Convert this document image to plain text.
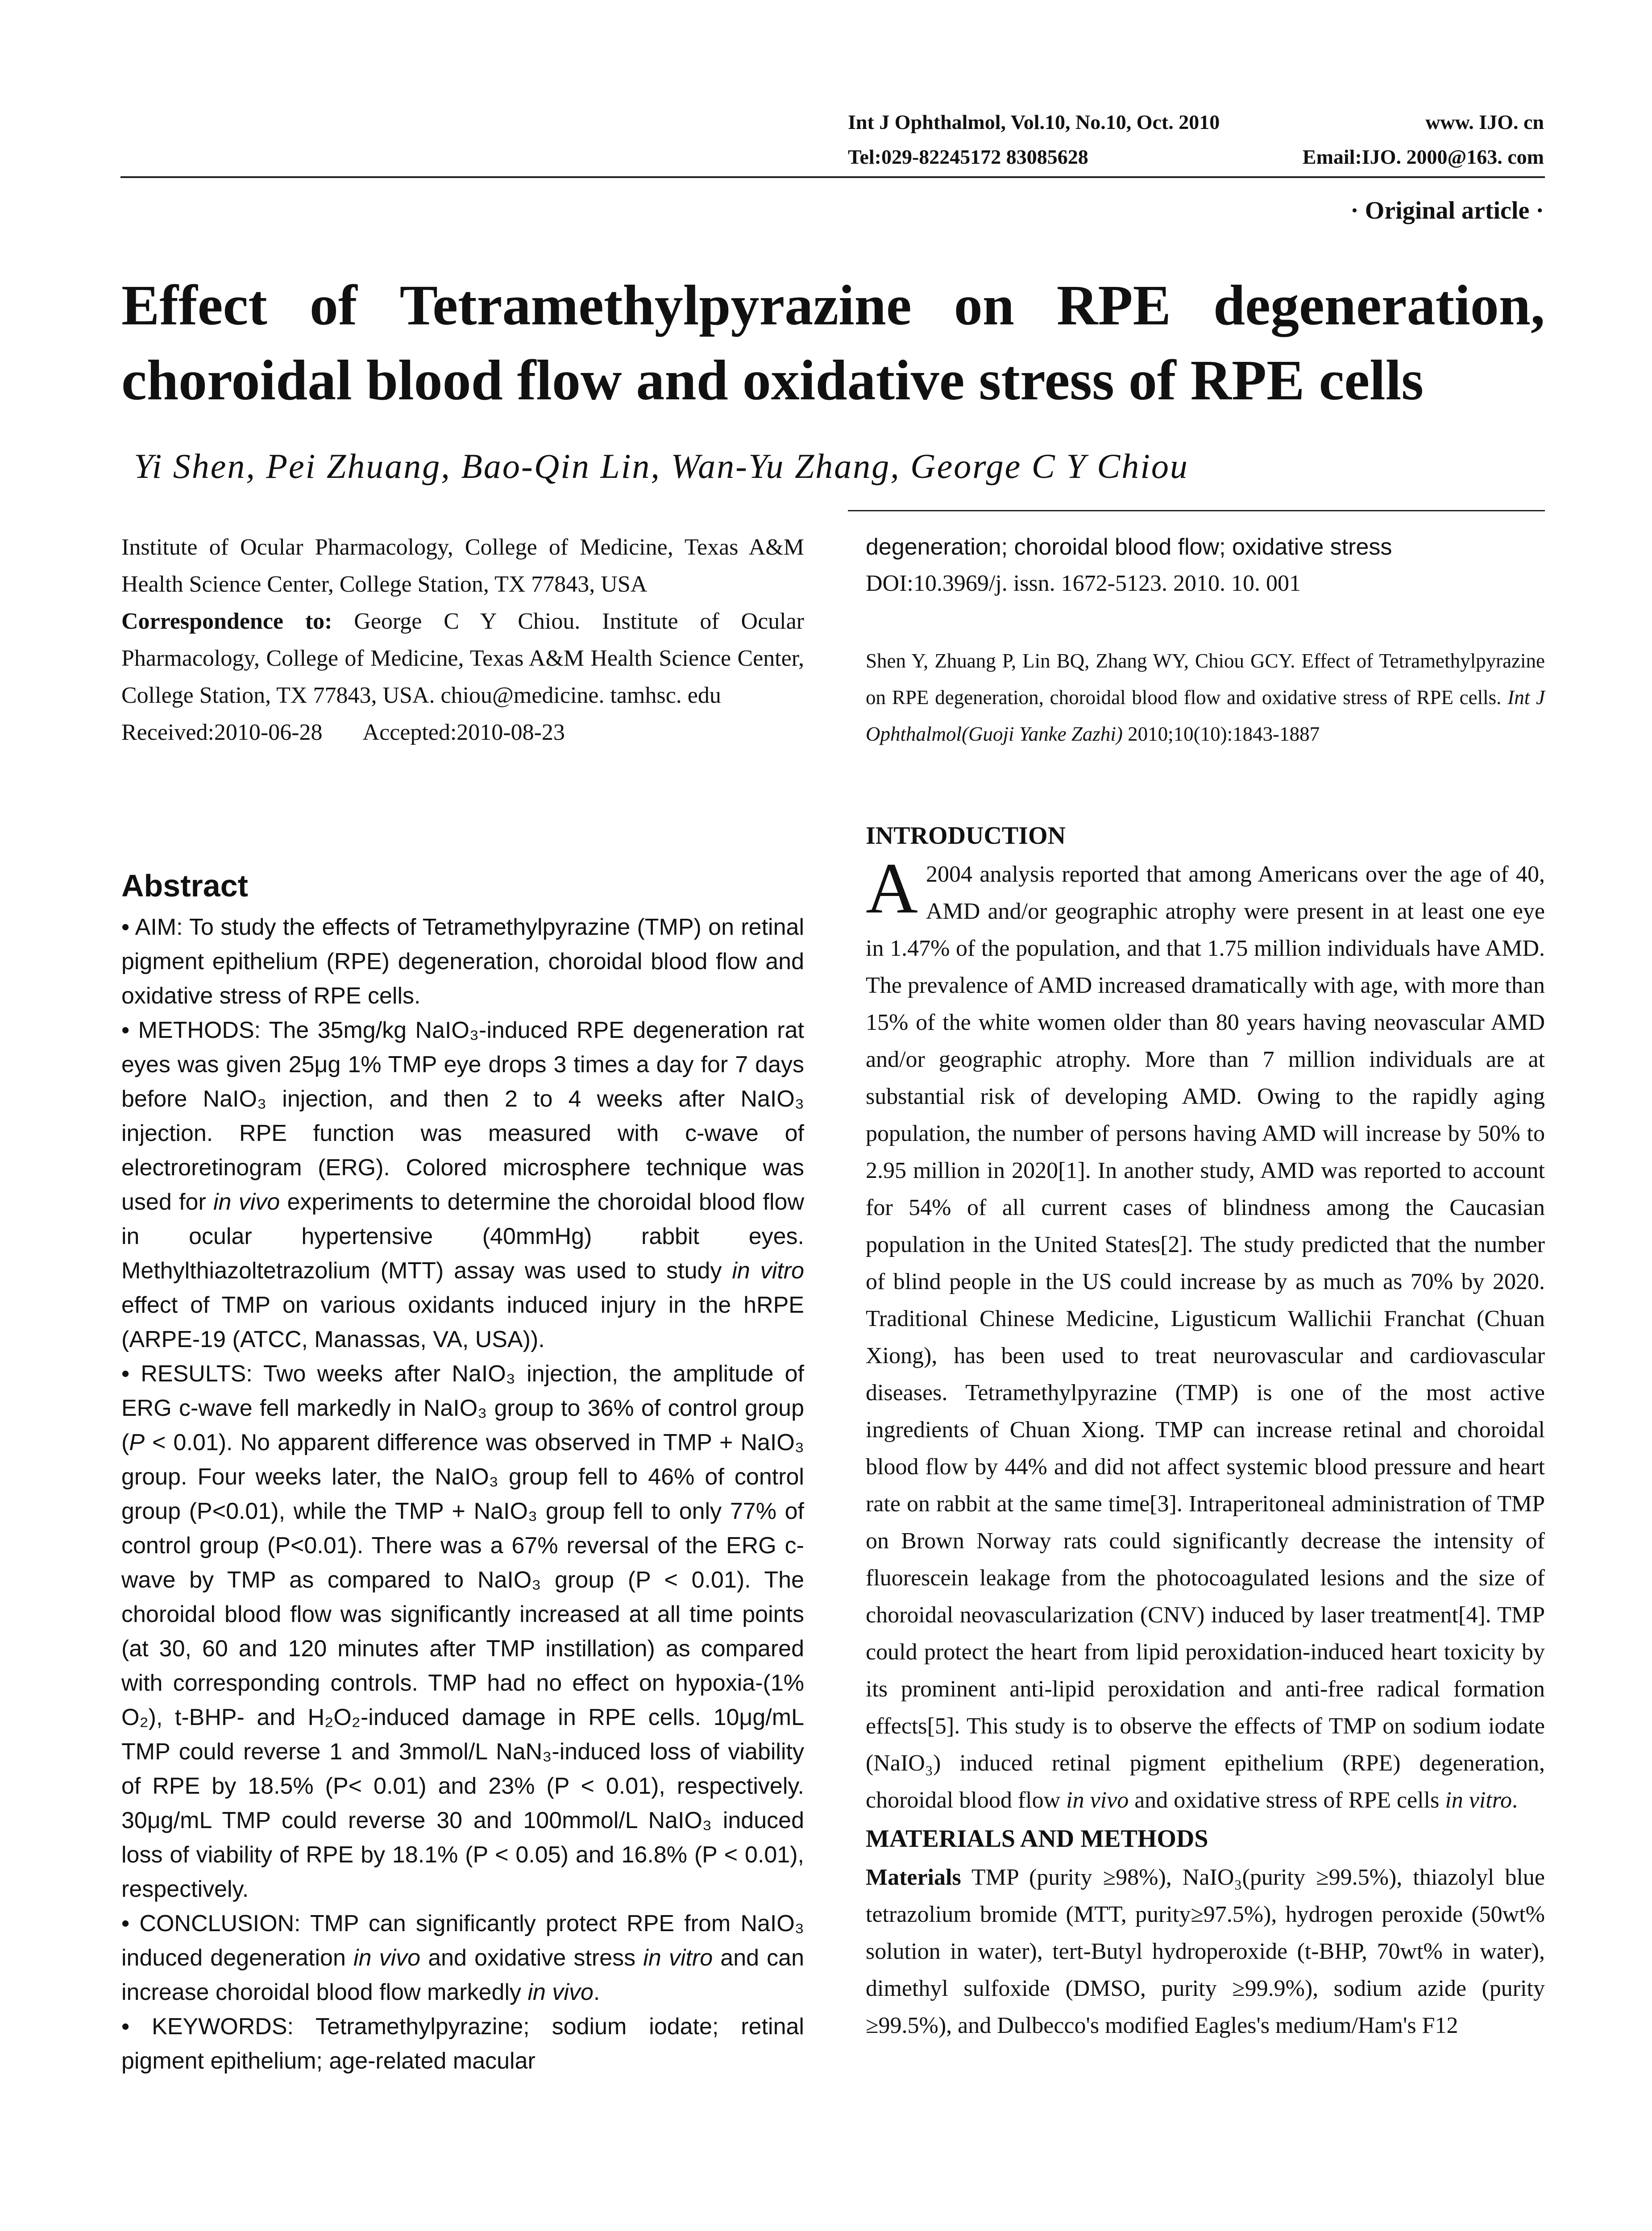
Int J Ophthalmol, Vol.10, No.10, Oct. 2010	www. IJO. cn
Tel:029-82245172 83085628	Email:IJO. 2000@163. com
· Original article ·
Effect of Tetramethylpyrazine on RPE degeneration,
choroidal blood flow and oxidative stress of RPE cells
Yi Shen, Pei Zhuang, Bao-Qin Lin, Wan-Yu Zhang, George C Y Chiou

Institute of Ocular Pharmacology, College of Medicine, Texas A&M Health Science Center, College Station, TX 77843, USA

Correspondence to: George C Y Chiou. Institute of Ocular Pharmacology, College of Medicine, Texas A&M Health Science Center, College Station, TX 77843, USA. chiou@medicine. tamhsc. edu

Received:2010-06-28 Accepted:2010-08-23

Abstract

• AIM: To study the effects of Tetramethylpyrazine (TMP) on retinal pigment epithelium (RPE) degeneration, choroidal blood flow and oxidative stress of RPE cells.

• METHODS: The 35mg/kg NaIO₃-induced RPE degeneration rat eyes was given 25μg 1% TMP eye drops 3 times a day for 7 days before NaIO₃ injection, and then 2 to 4 weeks after NaIO₃ injection. RPE function was measured with c-wave of electroretinogram (ERG). Colored microsphere technique was used for in vivo experiments to determine the choroidal blood flow in ocular hypertensive (40mmHg) rabbit eyes. Methylthiazoltetrazolium (MTT) assay was used to study in vitro effect of TMP on various oxidants induced injury in the hRPE (ARPE-19 (ATCC, Manassas, VA, USA)).

• RESULTS: Two weeks after NaIO₃ injection, the amplitude of ERG c-wave fell markedly in NaIO₃ group to 36% of control group (P < 0.01). No apparent difference was observed in TMP + NaIO₃ group. Four weeks later, the NaIO₃ group fell to 46% of control group (P<0.01), while the TMP + NaIO₃ group fell to only 77% of control group (P<0.01). There was a 67% reversal of the ERG c-wave by TMP as compared to NaIO₃ group (P < 0.01). The choroidal blood flow was significantly increased at all time points (at 30, 60 and 120 minutes after TMP instillation) as compared with corresponding controls. TMP had no effect on hypoxia-(1% O₂), t-BHP- and H₂O₂-induced damage in RPE cells. 10μg/mL TMP could reverse 1 and 3mmol/L NaN₃-induced loss of viability of RPE by 18.5% (P< 0.01) and 23% (P < 0.01), respectively. 30μg/mL TMP could reverse 30 and 100mmol/L NaIO₃ induced loss of viability of RPE by 18.1% (P < 0.05) and 16.8% (P < 0.01), respectively.

• CONCLUSION: TMP can significantly protect RPE from NaIO₃ induced degeneration in vivo and oxidative stress in vitro and can increase choroidal blood flow markedly in vivo.

• KEYWORDS: Tetramethylpyrazine; sodium iodate; retinal pigment epithelium; age-related macular

degeneration; choroidal blood flow; oxidative stress

DOI:10.3969/j. issn. 1672-5123. 2010. 10. 001

Shen Y, Zhuang P, Lin BQ, Zhang WY, Chiou GCY. Effect of Tetramethylpyrazine on RPE degeneration, choroidal blood flow and oxidative stress of RPE cells. Int J Ophthalmol(Guoji Yanke Zazhi) 2010;10(10):1843-1887
INTRODUCTION

A 2004 analysis reported that among Americans over the age of 40, AMD and/or geographic atrophy were present in at least one eye in 1.47% of the population, and that 1.75 million individuals have AMD. The prevalence of AMD increased dramatically with age, with more than 15% of the white women older than 80 years having neovascular AMD and/or geographic atrophy. More than 7 million individuals are at substantial risk of developing AMD. Owing to the rapidly aging population, the number of persons having AMD will increase by 50% to 2.95 million in 2020[1]. In another study, AMD was reported to account for 54% of all current cases of blindness among the Caucasian population in the United States[2]. The study predicted that the number of blind people in the US could increase by as much as 70% by 2020. Traditional Chinese Medicine, Ligusticum Wallichii Franchat (Chuan Xiong), has been used to treat neurovascular and cardiovascular diseases. Tetramethylpyrazine (TMP) is one of the most active ingredients of Chuan Xiong. TMP can increase retinal and choroidal blood flow by 44% and did not affect systemic blood pressure and heart rate on rabbit at the same time[3]. Intraperitoneal administration of TMP on Brown Norway rats could significantly decrease the intensity of fluorescein leakage from the photocoagulated lesions and the size of choroidal neovascularization (CNV) induced by laser treatment[4]. TMP could protect the heart from lipid peroxidation-induced heart toxicity by its prominent anti-lipid peroxidation and anti-free radical formation effects[5]. This study is to observe the effects of TMP on sodium iodate (NaIO₃) induced retinal pigment epithelium (RPE) degeneration, choroidal blood flow in vivo and oxidative stress of RPE cells in vitro.

MATERIALS AND METHODS

Materials TMP (purity ≥98%), NaIO₃(purity ≥99.5%), thiazolyl blue tetrazolium bromide (MTT, purity≥97.5%), hydrogen peroxide (50wt% solution in water), tert-Butyl hydroperoxide (t-BHP, 70wt% in water), dimethyl sulfoxide (DMSO, purity ≥99.9%), sodium azide (purity ≥99.5%), and Dulbecco's modified Eagles's medium/Ham's F12
